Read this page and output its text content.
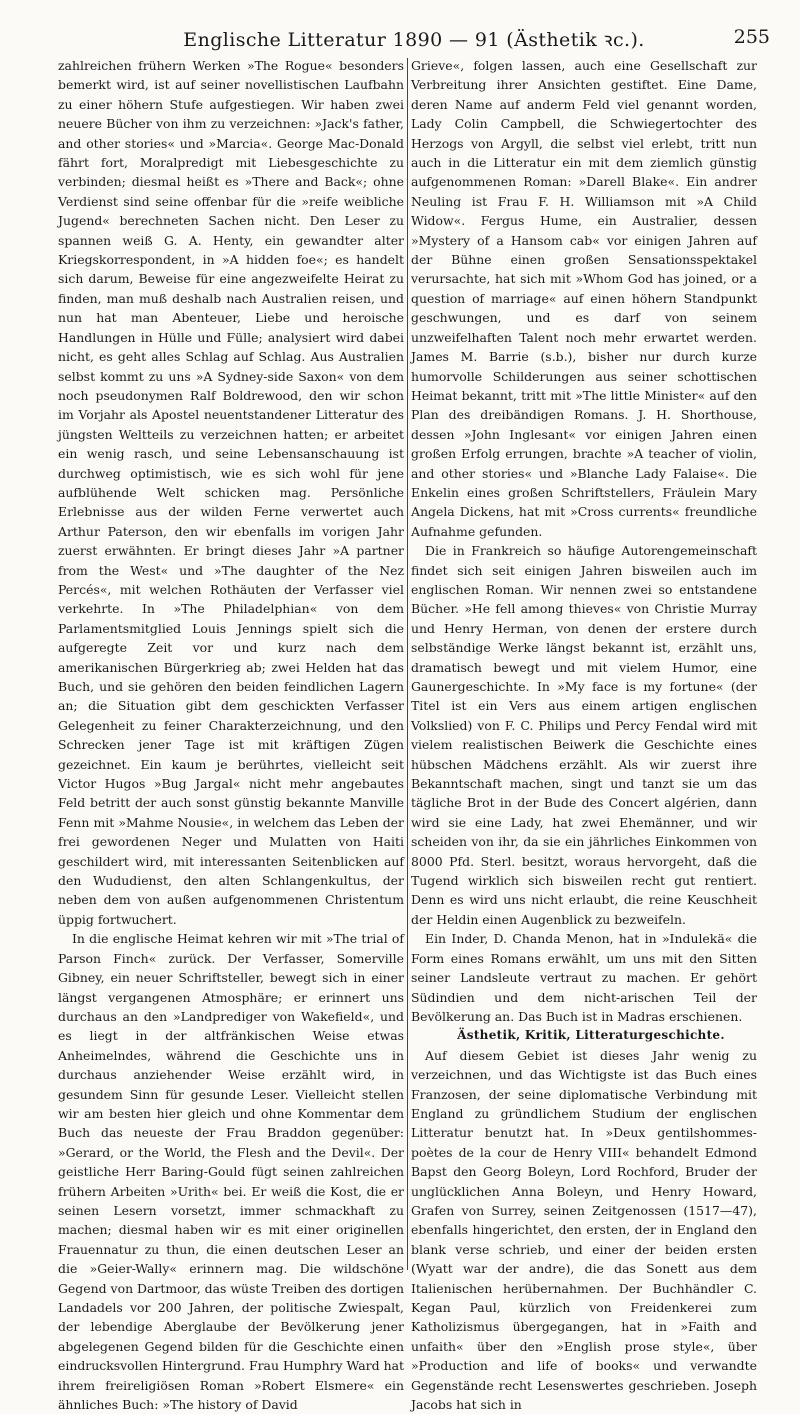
Englische Litteratur 1890 — 91 (Ästhetik ꝛc.).	255

zahlreichen frühern Werken »The Rogue« besonders bemerkt wird, ist auf seiner novellistischen Laufbahn zu einer höhern Stufe aufgestiegen. Wir haben zwei neuere Bücher von ihm zu verzeichnen: »Jack's father, and other stories« und »Marcia«. George Mac-Donald fährt fort, Moralpredigt mit Liebesgeschichte zu verbinden; diesmal heißt es »There and Back«; ohne Verdienst sind seine offenbar für die »reife weibliche Jugend« berechneten Sachen nicht. Den Leser zu spannen weiß G. A. Henty, ein gewandter alter Kriegskorrespondent, in »A hidden foe«; es handelt sich darum, Beweise für eine angezweifelte Heirat zu finden, man muß deshalb nach Australien reisen, und nun hat man Abenteuer, Liebe und heroische Handlungen in Hülle und Fülle; analysiert wird dabei nicht, es geht alles Schlag auf Schlag. Aus Australien selbst kommt zu uns »A Sydney-side Saxon« von dem noch pseudonymen Ralf Boldrewood, den wir schon im Vorjahr als Apostel neuentstandener Litteratur des jüngsten Weltteils zu verzeichnen hatten; er arbeitet ein wenig rasch, und seine Lebensanschauung ist durchweg optimistisch, wie es sich wohl für jene aufblühende Welt schicken mag. Persönliche Erlebnisse aus der wilden Ferne verwertet auch Arthur Paterson, den wir ebenfalls im vorigen Jahr zuerst erwähnten. Er bringt dieses Jahr »A partner from the West« und »The daughter of the Nez Percés«, mit welchen Rothäuten der Verfasser viel verkehrte. In »The Philadelphian« von dem Parlamentsmitglied Louis Jennings spielt sich die aufgeregte Zeit vor und kurz nach dem amerikanischen Bürgerkrieg ab; zwei Helden hat das Buch, und sie gehören den beiden feindlichen Lagern an; die Situation gibt dem geschickten Verfasser Gelegenheit zu feiner Charakterzeichnung, und den Schrecken jener Tage ist mit kräftigen Zügen gezeichnet. Ein kaum je berührtes, vielleicht seit Victor Hugos »Bug Jargal« nicht mehr angebautes Feld betritt der auch sonst günstig bekannte Manville Fenn mit »Mahme Nousie«, in welchem das Leben der frei gewordenen Neger und Mulatten von Haiti geschildert wird, mit interessanten Seitenblicken auf den Wududienst, den alten Schlangenkultus, der neben dem von außen aufgenommenen Christentum üppig fortwuchert.

In die englische Heimat kehren wir mit »The trial of Parson Finch« zurück. Der Verfasser, Somerville Gibney, ein neuer Schriftsteller, bewegt sich in einer längst vergangenen Atmosphäre; er erinnert uns durchaus an den »Landprediger von Wakefield«, und es liegt in der altfränkischen Weise etwas Anheimelndes, während die Geschichte uns in durchaus anziehender Weise erzählt wird, in gesundem Sinn für gesunde Leser. Vielleicht stellen wir am besten hier gleich und ohne Kommentar dem Buch das neueste der Frau Braddon gegenüber: »Gerard, or the World, the Flesh and the Devil«. Der geistliche Herr Baring-Gould fügt seinen zahlreichen frühern Arbeiten »Urith« bei. Er weiß die Kost, die er seinen Lesern vorsetzt, immer schmackhaft zu machen; diesmal haben wir es mit einer originellen Frauennatur zu thun, die einen deutschen Leser an die »Geier-Wally« erinnern mag. Die wildschöne Gegend von Dartmoor, das wüste Treiben des dortigen Landadels vor 200 Jahren, der politische Zwiespalt, der lebendige Aberglaube der Bevölkerung jener abgelegenen Gegend bilden für die Geschichte einen eindrucksvollen Hintergrund. Frau Humphry Ward hat ihrem freireligiösen Roman »Robert Elsmere« ein ähnliches Buch: »The history of David

Grieve«, folgen lassen, auch eine Gesellschaft zur Verbreitung ihrer Ansichten gestiftet. Eine Dame, deren Name auf anderm Feld viel genannt worden, Lady Colin Campbell, die Schwiegertochter des Herzogs von Argyll, die selbst viel erlebt, tritt nun auch in die Litteratur ein mit dem ziemlich günstig aufgenommenen Roman: »Darell Blake«. Ein andrer Neuling ist Frau F. H. Williamson mit »A Child Widow«. Fergus Hume, ein Australier, dessen »Mystery of a Hansom cab« vor einigen Jahren auf der Bühne einen großen Sensationsspektakel verursachte, hat sich mit »Whom God has joined, or a question of marriage« auf einen höhern Standpunkt geschwungen, und es darf von seinem unzweifelhaften Talent noch mehr erwartet werden. James M. Barrie (s.b.), bisher nur durch kurze humorvolle Schilderungen aus seiner schottischen Heimat bekannt, tritt mit »The little Minister« auf den Plan des dreibändigen Romans. J. H. Shorthouse, dessen »John Inglesant« vor einigen Jahren einen großen Erfolg errungen, brachte »A teacher of violin, and other stories« und »Blanche Lady Falaise«. Die Enkelin eines großen Schriftstellers, Fräulein Mary Angela Dickens, hat mit »Cross currents« freundliche Aufnahme gefunden.

Die in Frankreich so häufige Autorengemeinschaft findet sich seit einigen Jahren bisweilen auch im englischen Roman. Wir nennen zwei so entstandene Bücher. »He fell among thieves« von Christie Murray und Henry Herman, von denen der erstere durch selbständige Werke längst bekannt ist, erzählt uns, dramatisch bewegt und mit vielem Humor, eine Gaunergeschichte. In »My face is my fortune« (der Titel ist ein Vers aus einem artigen englischen Volkslied) von F. C. Philips und Percy Fendal wird mit vielem realistischen Beiwerk die Geschichte eines hübschen Mädchens erzählt. Als wir zuerst ihre Bekanntschaft machen, singt und tanzt sie um das tägliche Brot in der Bude des Concert algérien, dann wird sie eine Lady, hat zwei Ehemänner, und wir scheiden von ihr, da sie ein jährliches Einkommen von 8000 Pfd. Sterl. besitzt, woraus hervorgeht, daß die Tugend wirklich sich bisweilen recht gut rentiert. Denn es wird uns nicht erlaubt, die reine Keuschheit der Heldin einen Augenblick zu bezweifeln.

Ein Inder, D. Chanda Menon, hat in »Indulekä« die Form eines Romans erwählt, um uns mit den Sitten seiner Landsleute vertraut zu machen. Er gehört Südindien und dem nicht-arischen Teil der Bevölkerung an. Das Buch ist in Madras erschienen.

Ästhetik, Kritik, Litteraturgeschichte.

Auf diesem Gebiet ist dieses Jahr wenig zu verzeichnen, und das Wichtigste ist das Buch eines Franzosen, der seine diplomatische Verbindung mit England zu gründlichem Studium der englischen Litteratur benutzt hat. In »Deux gentilshommes-poètes de la cour de Henry VIII« behandelt Edmond Bapst den Georg Boleyn, Lord Rochford, Bruder der unglücklichen Anna Boleyn, und Henry Howard, Grafen von Surrey, seinen Zeitgenossen (1517—47), ebenfalls hingerichtet, den ersten, der in England den blank verse schrieb, und einer der beiden ersten (Wyatt war der andre), die das Sonett aus dem Italienischen herübernahmen. Der Buchhändler C. Kegan Paul, kürzlich von Freidenkerei zum Katholizismus übergegangen, hat in »Faith and unfaith« über den »English prose style«, über »Production and life of books« und verwandte Gegenstände recht Lesenswertes geschrieben. Joseph Jacobs hat sich in
